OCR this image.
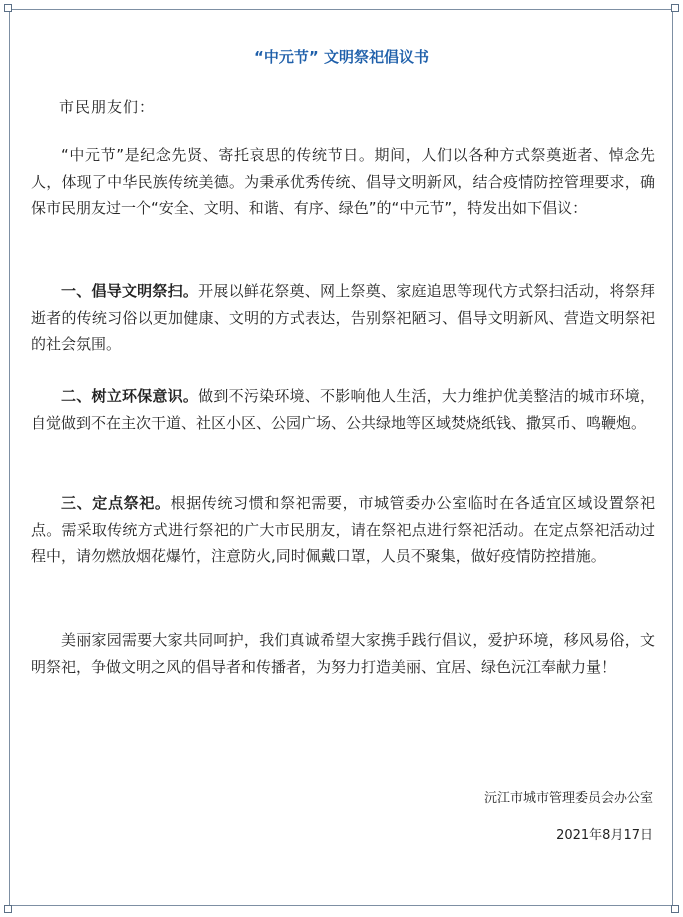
“中元节” 文明祭祀倡议书
市民朋友们：
“中元节”是纪念先贤、寄托哀思的传统节日。期间，人们以各种方式祭奠逝者、悼念先人，体现了中华民族传统美德。为秉承优秀传统、倡导文明新风，结合疫情防控管理要求，确保市民朋友过一个“安全、文明、和谐、有序、绿色”的“中元节”，特发出如下倡议：
一、倡导文明祭扫。开展以鲜花祭奠、网上祭奠、家庭追思等现代方式祭扫活动，将祭拜逝者的传统习俗以更加健康、文明的方式表达，告别祭祀陋习、倡导文明新风、营造文明祭祀的社会氛围。
二、树立环保意识。做到不污染环境、不影响他人生活，大力维护优美整洁的城市环境，自觉做到不在主次干道、社区小区、公园广场、公共绿地等区域焚烧纸钱、撒冥币、鸣鞭炮。
三、定点祭祀。根据传统习惯和祭祀需要，市城管委办公室临时在各适宜区域设置祭祀点。需采取传统方式进行祭祀的广大市民朋友，请在祭祀点进行祭祀活动。在定点祭祀活动过程中，请勿燃放烟花爆竹，注意防火,同时佩戴口罩，人员不聚集，做好疫情防控措施。
美丽家园需要大家共同呵护，我们真诚希望大家携手践行倡议，爱护环境，移风易俗，文明祭祀，争做文明之风的倡导者和传播者，为努力打造美丽、宜居、绿色沅江奉献力量！
沅江市城市管理委员会办公室
2021年8月17日
